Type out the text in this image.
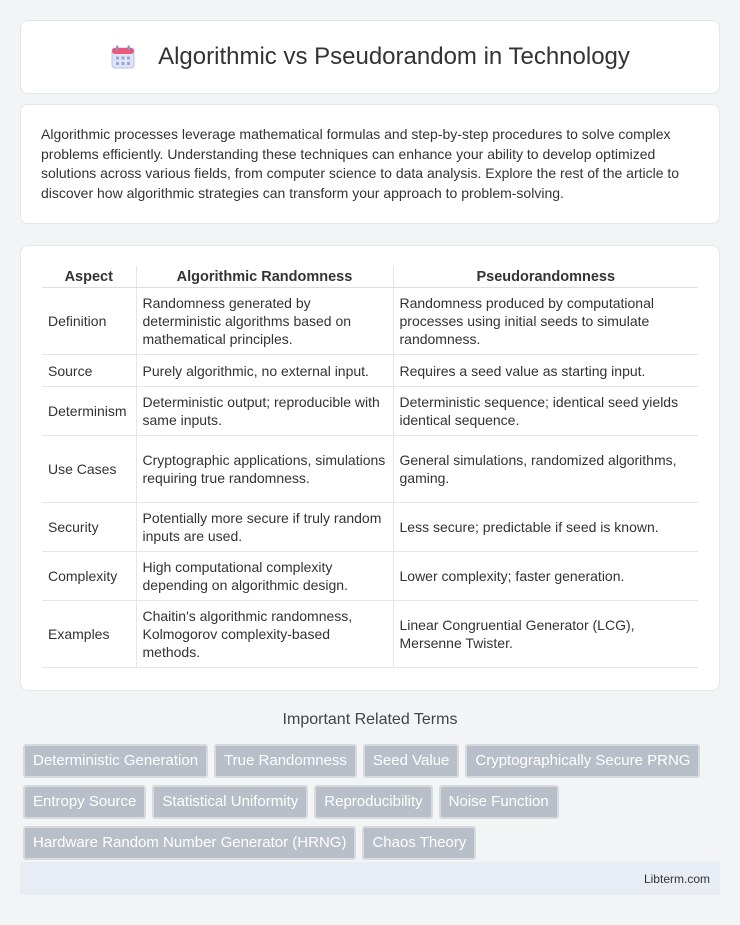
Algorithmic vs Pseudorandom in Technology

Algorithmic processes leverage mathematical formulas and step-by-step procedures to solve complex problems efficiently. Understanding these techniques can enhance your ability to develop optimized solutions across various fields, from computer science to data analysis. Explore the rest of the article to discover how algorithmic strategies can transform your approach to problem-solving.

Aspect	Algorithmic Randomness	Pseudorandomness
Definition	Randomness generated by deterministic algorithms based on mathematical principles.	Randomness produced by computational processes using initial seeds to simulate randomness.
Source	Purely algorithmic, no external input.	Requires a seed value as starting input.
Determinism	Deterministic output; reproducible with same inputs.	Deterministic sequence; identical seed yields identical sequence.
Use Cases	Cryptographic applications, simulations requiring true randomness.	General simulations, randomized algorithms, gaming.
Security	Potentially more secure if truly random inputs are used.	Less secure; predictable if seed is known.
Complexity	High computational complexity depending on algorithmic design.	Lower complexity; faster generation.
Examples	Chaitin's algorithmic randomness, Kolmogorov complexity-based methods.	Linear Congruential Generator (LCG), Mersenne Twister.
Important Related Terms
Deterministic Generation	True Randomness	Seed Value	Cryptographically Secure PRNG
Entropy Source	Statistical Uniformity	Reproducibility	Noise Function
Hardware Random Number Generator (HRNG)	Chaos Theory
Libterm.com
